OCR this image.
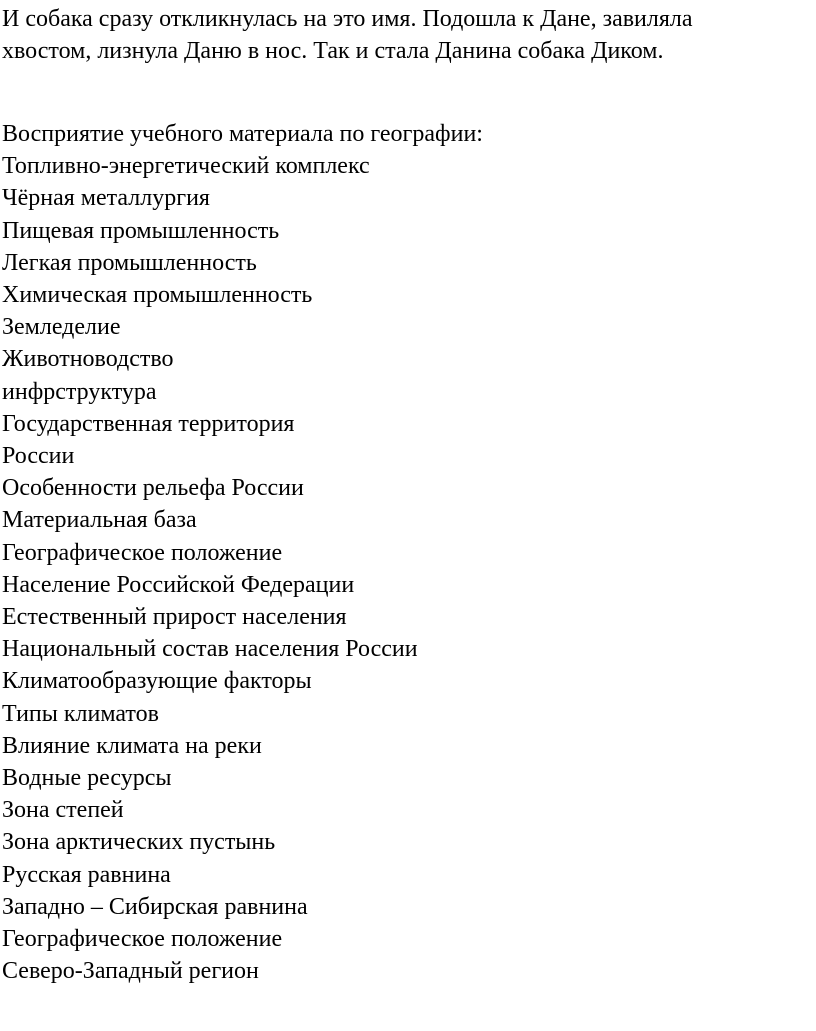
И собака сразу откликнулась на это имя. Подошла к Дане, завиляла

хвостом, лизнула Даню в нос. Так и стала Данина собака Диком.

Восприятие учебного материала по географии:

Топливно-энергетический комплекс
Чёрная металлургия
Пищевая промышленность
Легкая промышленность
Химическая промышленность
Земледелие
Животноводство
инфрструктура
Государственная территория
России
Особенности рельефа России
Материальная база
Географическое положение
Население Российской Федерации
Естественный прирост населения
Национальный состав населения России
Климатообразующие факторы
Типы климатов
Влияние климата на реки
Водные ресурсы
Зона степей
Зона арктических пустынь
Русская равнина
Западно – Сибирская равнина
Географическое положение
Северо-Западный регион
